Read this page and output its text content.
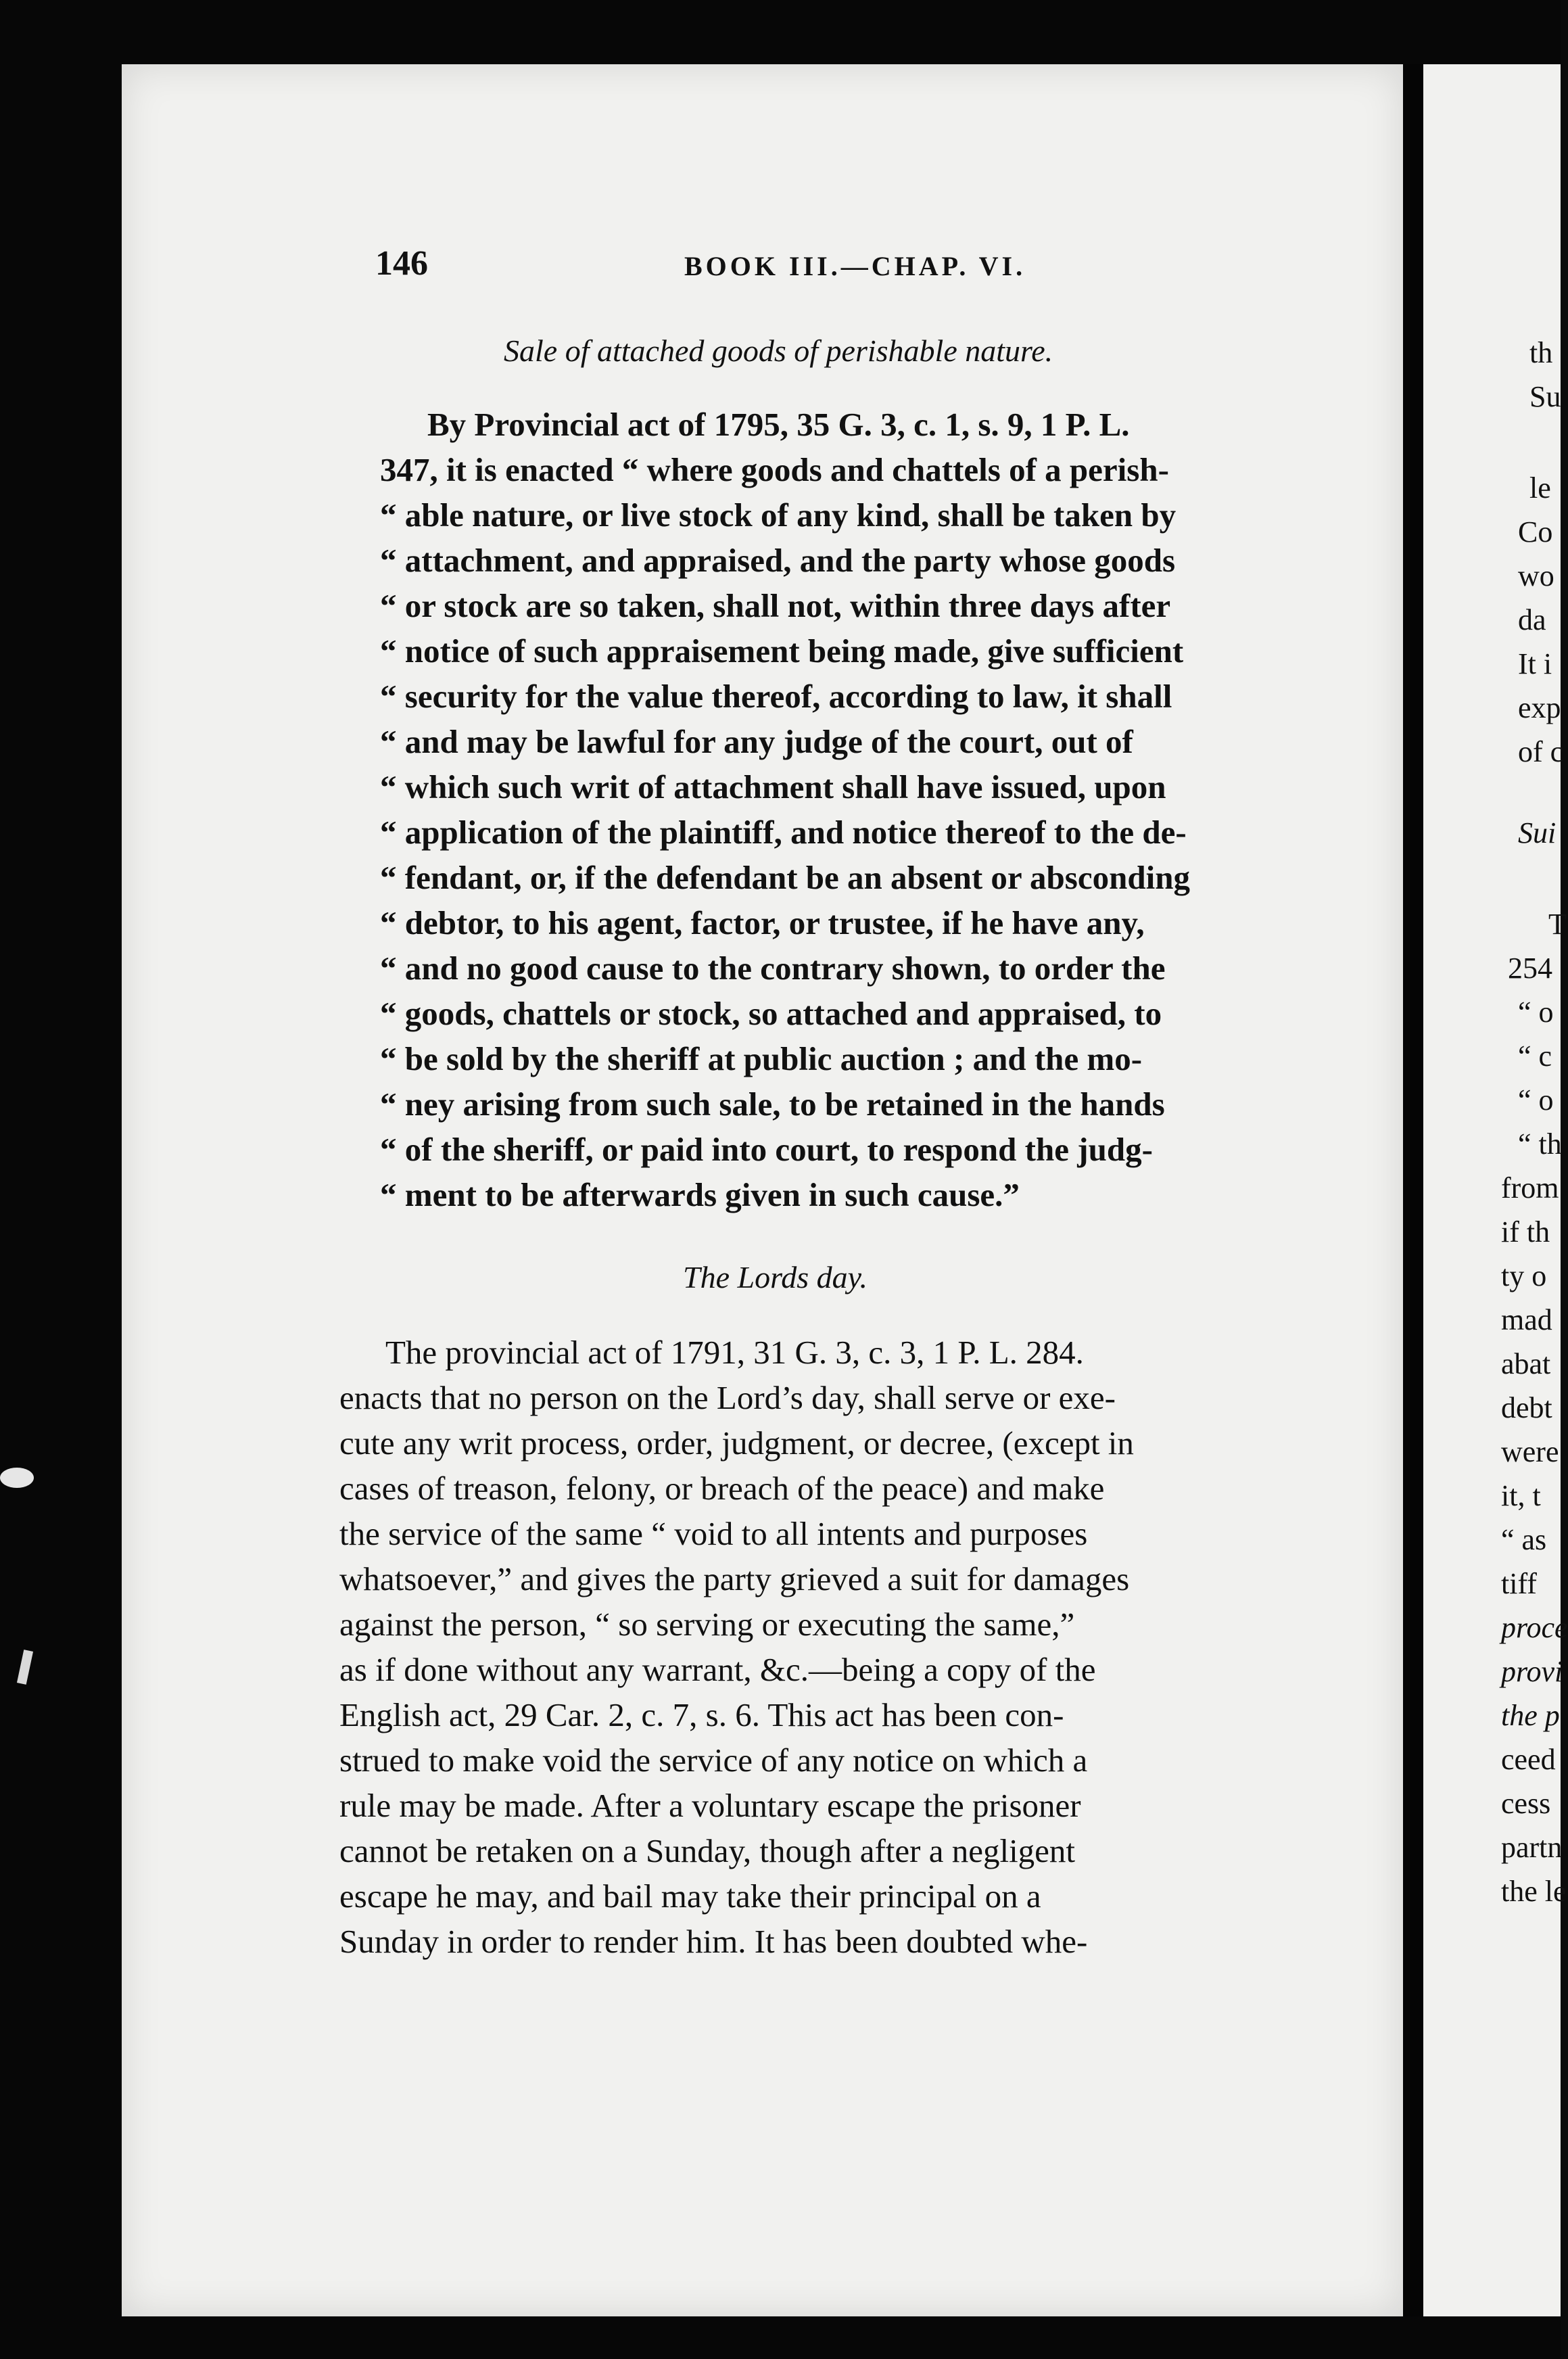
146	BOOK III.—CHAP. VI.
Sale of attached goods of perishable nature.
By Provincial act of 1795, 35 G. 3, c. 1, s. 9, 1 P. L.
347, it is enacted “ where goods and chattels of a perish-
“ able nature, or live stock of any kind, shall be taken by
“ attachment, and appraised, and the party whose goods
“ or stock are so taken, shall not, within three days after
“ notice of such appraisement being made, give sufficient
“ security for the value thereof, according to law, it shall
“ and may be lawful for any judge of the court, out of
“ which such writ of attachment shall have issued, upon
“ application of the plaintiff, and notice thereof to the de-
“ fendant, or, if the defendant be an absent or absconding
“ debtor, to his agent, factor, or trustee, if he have any,
“ and no good cause to the contrary shown, to order the
“ goods, chattels or stock, so attached and appraised, to
“ be sold by the sheriff at public auction ; and the mo-
“ ney arising from such sale, to be retained in the hands
“ of the sheriff, or paid into court, to respond the judg-
“ ment to be afterwards given in such cause.”
The Lords day.
The provincial act of 1791, 31 G. 3, c. 3, 1 P. L. 284.
enacts that no person on the Lord’s day, shall serve or exe-
cute any writ process, order, judgment, or decree, (except in
cases of treason, felony, or breach of the peace) and make
the service of the same “ void to all intents and purposes
whatsoever,” and gives the party grieved a suit for damages
against the person, “ so serving or executing the same,”
as if done without any warrant, &c.—being a copy of the
English act, 29 Car. 2, c. 7, s. 6. This act has been con-
strued to make void the service of any notice on which a
rule may be made. After a voluntary escape the prisoner
cannot be retaken on a Sunday, though after a negligent
escape he may, and bail may take their principal on a
Sunday in order to render him. It has been doubted whe-
th
Su
le
Co
wo
da
It i
exp
of c
Sui
T
254
“ o
“ c
“ o
“ th
from
if th
ty o
mad
abat
debt
were
it, t
“ as
tiff
proce
provi
the p
ceed
cess
partn
the le
